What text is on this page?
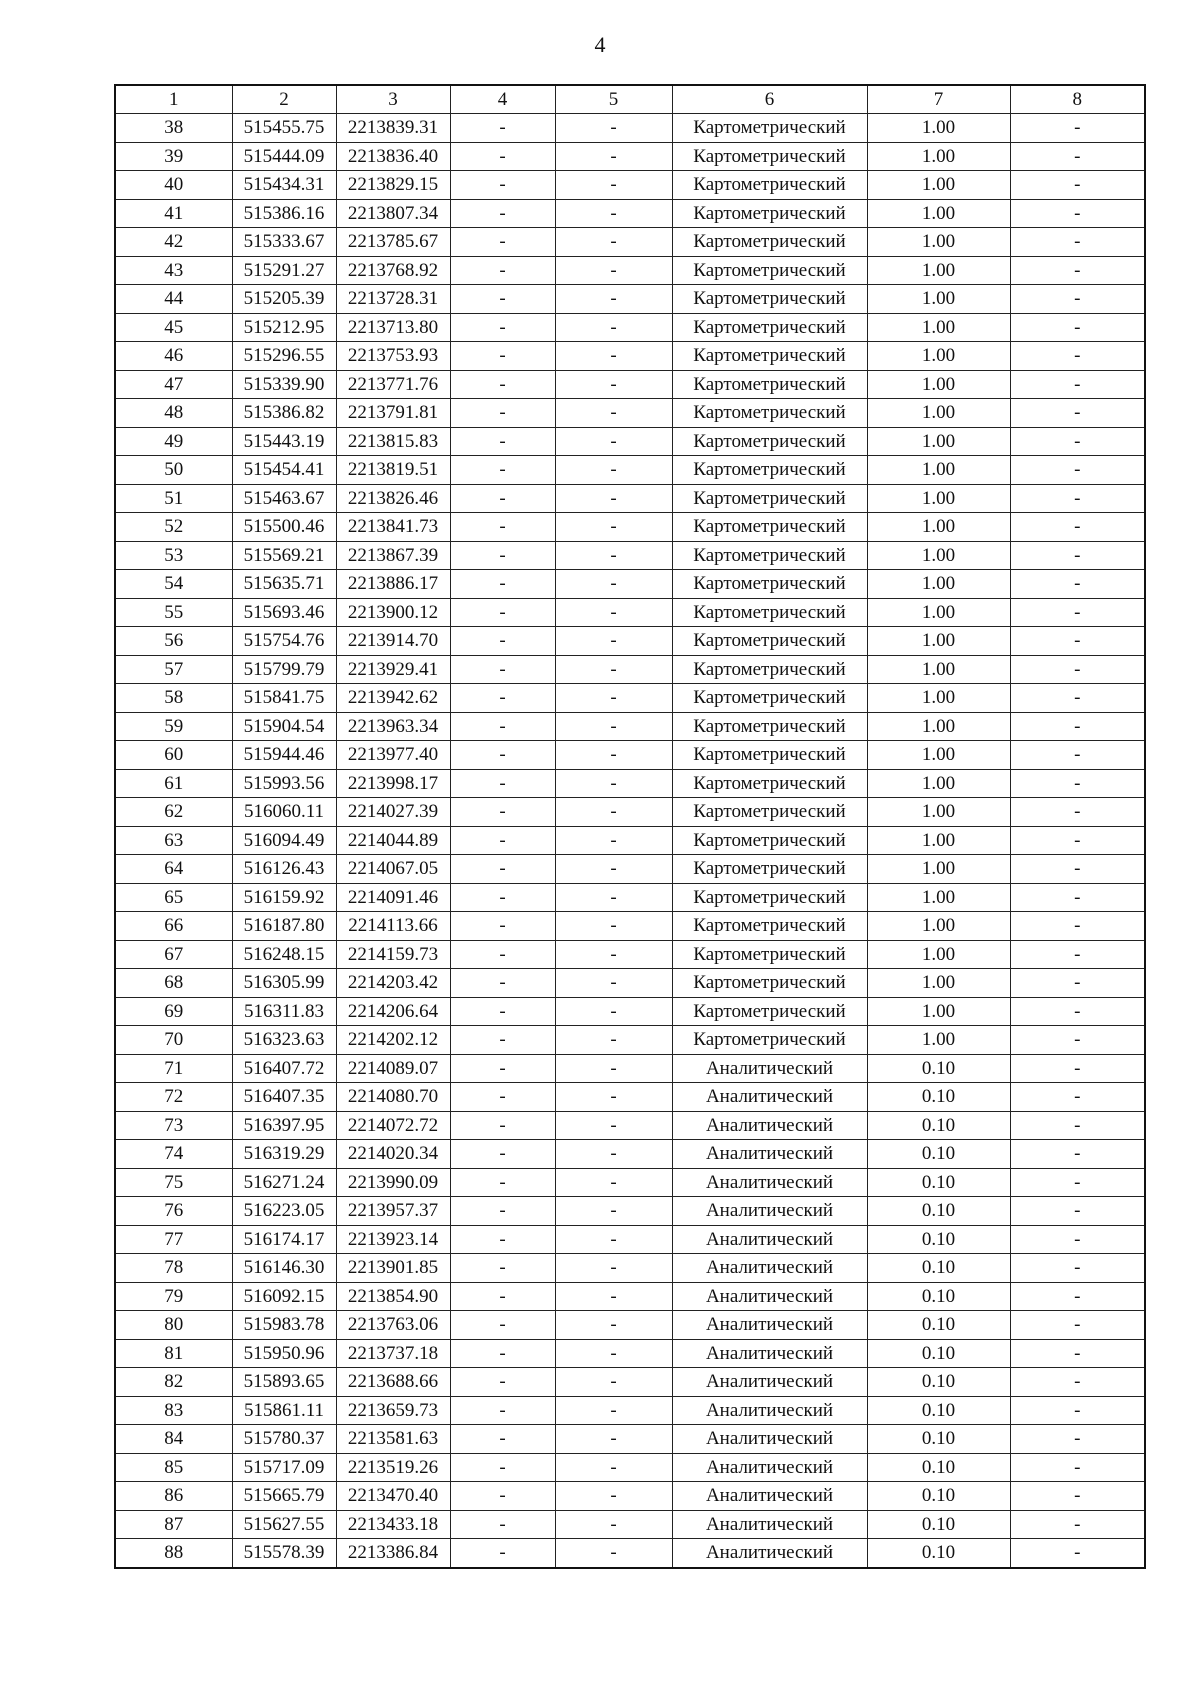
4
1	2	3	4	5	6	7	8
38	515455.75	2213839.31	-	-	Картометрический	1.00	-
39	515444.09	2213836.40	-	-	Картометрический	1.00	-
40	515434.31	2213829.15	-	-	Картометрический	1.00	-
41	515386.16	2213807.34	-	-	Картометрический	1.00	-
42	515333.67	2213785.67	-	-	Картометрический	1.00	-
43	515291.27	2213768.92	-	-	Картометрический	1.00	-
44	515205.39	2213728.31	-	-	Картометрический	1.00	-
45	515212.95	2213713.80	-	-	Картометрический	1.00	-
46	515296.55	2213753.93	-	-	Картометрический	1.00	-
47	515339.90	2213771.76	-	-	Картометрический	1.00	-
48	515386.82	2213791.81	-	-	Картометрический	1.00	-
49	515443.19	2213815.83	-	-	Картометрический	1.00	-
50	515454.41	2213819.51	-	-	Картометрический	1.00	-
51	515463.67	2213826.46	-	-	Картометрический	1.00	-
52	515500.46	2213841.73	-	-	Картометрический	1.00	-
53	515569.21	2213867.39	-	-	Картометрический	1.00	-
54	515635.71	2213886.17	-	-	Картометрический	1.00	-
55	515693.46	2213900.12	-	-	Картометрический	1.00	-
56	515754.76	2213914.70	-	-	Картометрический	1.00	-
57	515799.79	2213929.41	-	-	Картометрический	1.00	-
58	515841.75	2213942.62	-	-	Картометрический	1.00	-
59	515904.54	2213963.34	-	-	Картометрический	1.00	-
60	515944.46	2213977.40	-	-	Картометрический	1.00	-
61	515993.56	2213998.17	-	-	Картометрический	1.00	-
62	516060.11	2214027.39	-	-	Картометрический	1.00	-
63	516094.49	2214044.89	-	-	Картометрический	1.00	-
64	516126.43	2214067.05	-	-	Картометрический	1.00	-
65	516159.92	2214091.46	-	-	Картометрический	1.00	-
66	516187.80	2214113.66	-	-	Картометрический	1.00	-
67	516248.15	2214159.73	-	-	Картометрический	1.00	-
68	516305.99	2214203.42	-	-	Картометрический	1.00	-
69	516311.83	2214206.64	-	-	Картометрический	1.00	-
70	516323.63	2214202.12	-	-	Картометрический	1.00	-
71	516407.72	2214089.07	-	-	Аналитический	0.10	-
72	516407.35	2214080.70	-	-	Аналитический	0.10	-
73	516397.95	2214072.72	-	-	Аналитический	0.10	-
74	516319.29	2214020.34	-	-	Аналитический	0.10	-
75	516271.24	2213990.09	-	-	Аналитический	0.10	-
76	516223.05	2213957.37	-	-	Аналитический	0.10	-
77	516174.17	2213923.14	-	-	Аналитический	0.10	-
78	516146.30	2213901.85	-	-	Аналитический	0.10	-
79	516092.15	2213854.90	-	-	Аналитический	0.10	-
80	515983.78	2213763.06	-	-	Аналитический	0.10	-
81	515950.96	2213737.18	-	-	Аналитический	0.10	-
82	515893.65	2213688.66	-	-	Аналитический	0.10	-
83	515861.11	2213659.73	-	-	Аналитический	0.10	-
84	515780.37	2213581.63	-	-	Аналитический	0.10	-
85	515717.09	2213519.26	-	-	Аналитический	0.10	-
86	515665.79	2213470.40	-	-	Аналитический	0.10	-
87	515627.55	2213433.18	-	-	Аналитический	0.10	-
88	515578.39	2213386.84	-	-	Аналитический	0.10	-
